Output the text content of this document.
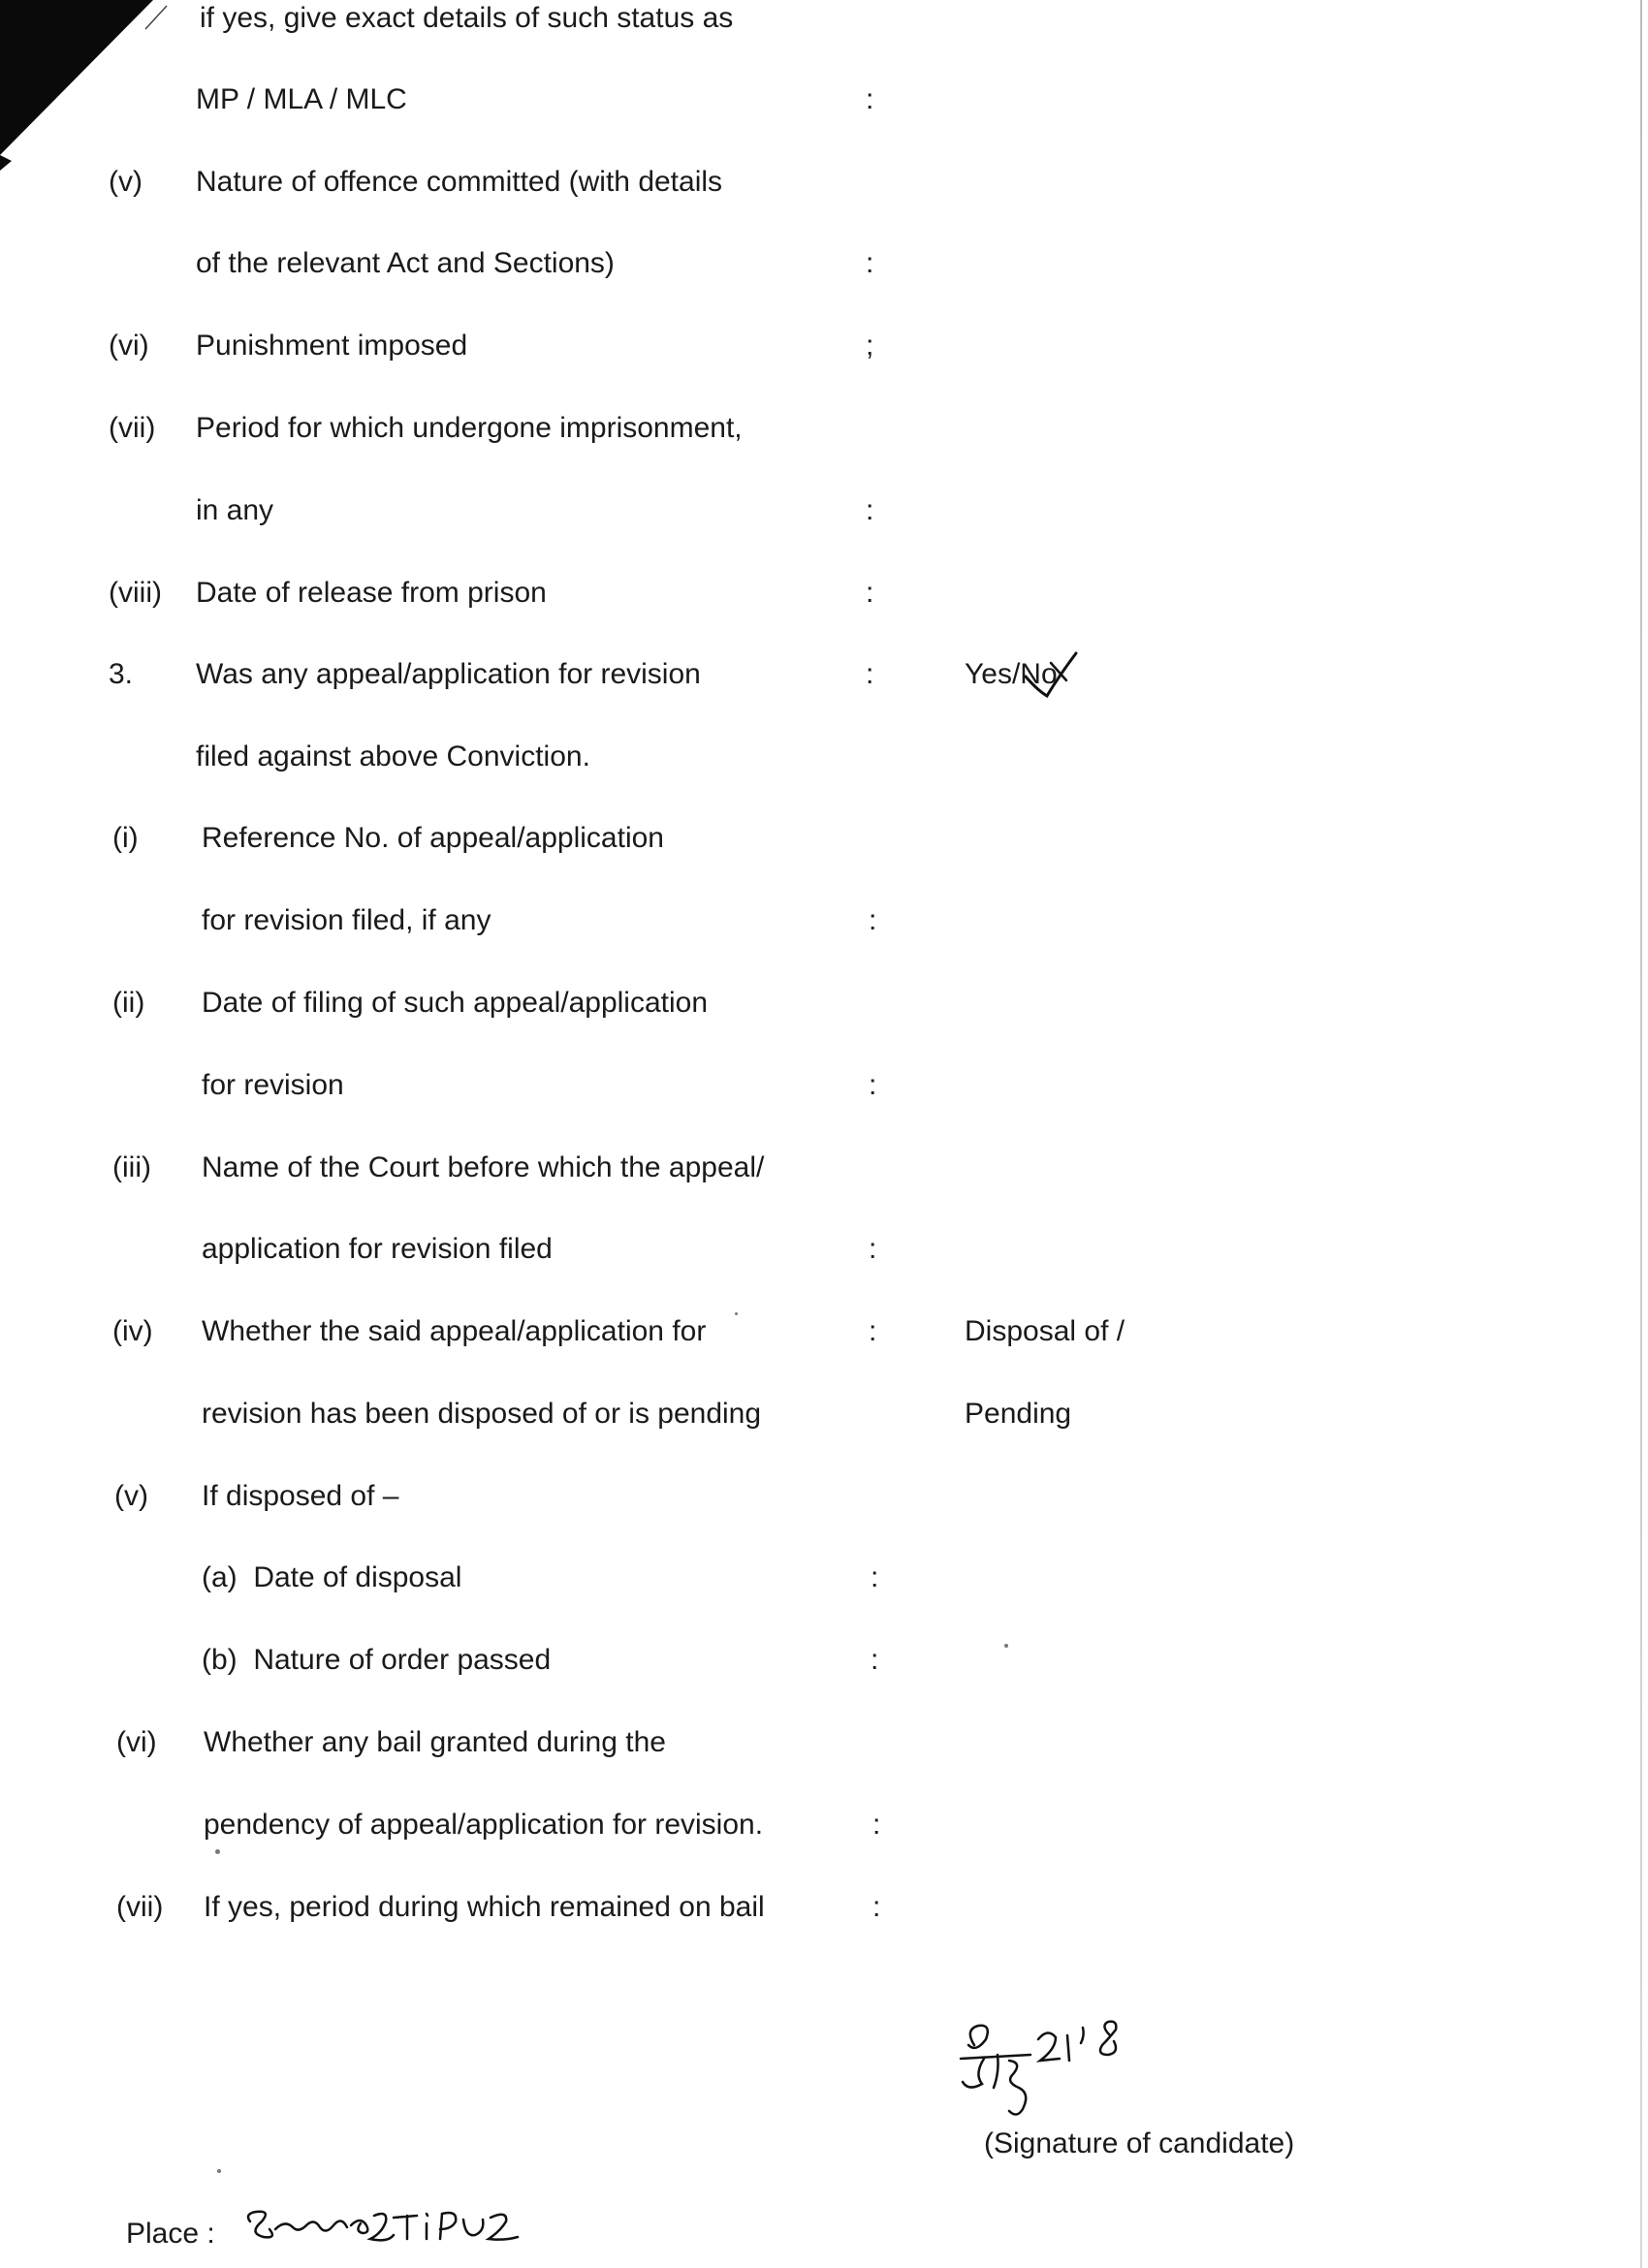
if yes, give exact details of such status as
MP / MLA / MLC	:
(v) Nature of offence committed (with details
of the relevant Act and Sections)	:
(vi) Punishment imposed	;
(vii) Period for which undergone imprisonment,
in any	:
(viii) Date of release from prison	:
3. Was any appeal/application for revision	:	Yes/No
filed against above Conviction.
(i) Reference No. of appeal/application
for revision filed, if any	:
(ii) Date of filing of such appeal/application
for revision	:
(iii) Name of the Court before which the appeal/
application for revision filed	:
(iv) Whether the said appeal/application for	:	Disposal of /
revision has been disposed of or is pending	Pending
(v) If disposed of –
(a)  Date of disposal	:
(b)  Nature of order passed	:
(vi) Whether any bail granted during the
pendency of appeal/application for revision.	:
(vii) If yes, period during which remained on bail	:
(Signature of candidate)
Place :
